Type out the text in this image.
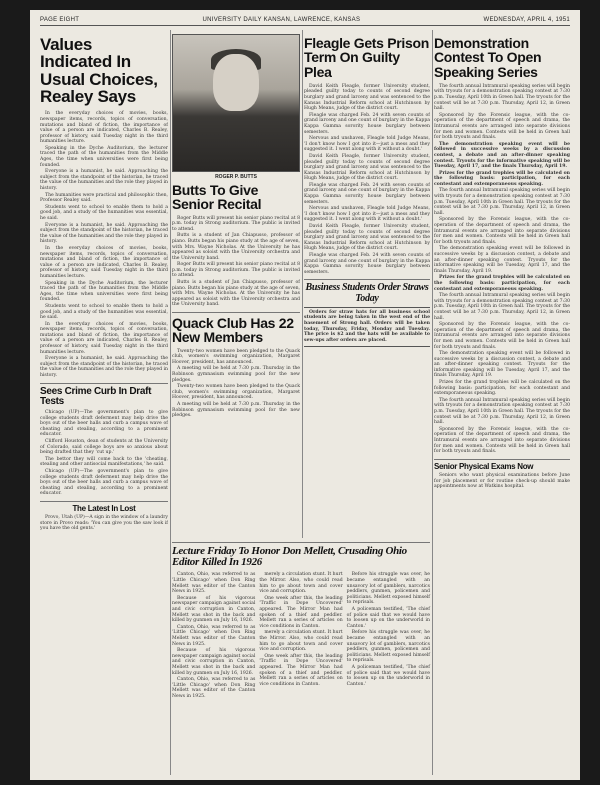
PAGE EIGHT	UNIVERSITY DAILY KANSAN, LAWRENCE, KANSAS	WEDNESDAY, APRIL 4, 1951
Values Indicated In Usual Choices, Realey Says

In the everyday choices of movies, books, newspaper items, records, topics of conversation, mutations and bland of fiction, the importance of value of a person are indicated, Charles B. Realey, professor of history, said Tuesday night in the third humanities lecture.

Speaking in the Dyche Auditorium, the lecturer traced the path of the humanities from the Middle Ages, the time when universities were first being founded.

Everyone is a humanist, he said. Approaching the subject from the standpoint of the historian, he traced the value of the humanities and the role they played in history.

The humanities were practical and philosophic then, Professor Realey said.

Students went to school to enable them to hold a good job, and a study of the humanities was essential, he said.

Everyone is a humanist, he said. Approaching the subject from the standpoint of the historian, he traced the value of the humanities and the role they played in history.

In the everyday choices of movies, books, newspaper items, records, topics of conversation, mutations and bland of fiction, the importance of value of a person are indicated, Charles B. Realey, professor of history, said Tuesday night in the third humanities lecture.

Speaking in the Dyche Auditorium, the lecturer traced the path of the humanities from the Middle Ages, the time when universities were first being founded.

Students went to school to enable them to hold a good job, and a study of the humanities was essential, he said.

In the everyday choices of movies, books, newspaper items, records, topics of conversation, mutations and bland of fiction, the importance of value of a person are indicated, Charles B. Realey, professor of history, said Tuesday night in the third humanities lecture.

Everyone is a humanist, he said. Approaching the subject from the standpoint of the historian, he traced the value of the humanities and the role they played in history.

Sees Crime Curb In Draft Tests

Chicago (UP)—The government's plan to give college students draft deferment may help drive the boys out of the beer halls and curb a campus wave of cheating and stealing, according to a prominent educator.

Clifford Houston, dean of students at the University of Colorado, said college boys are so anxious about being drafted that they 'cut up.'

The bettor they will come back to the 'cheating, stealing and other antisocial manifestations,' he said.

Chicago (UP)—The government's plan to give college students draft deferment may help drive the boys out of the beer halls and curb a campus wave of cheating and stealing, according to a prominent educator.

The Latest In Lost

Provo, Utah (UP)—A sign in the window of a laundry store in Provo reads: 'You can give you the saw look if you have the old gents.'

ROGER P. BUTTS
Butts To Give Senior Recital

Roger Butts will present his senior piano recital at 8 p.m. today in Strong auditorium. The public is invited to attend.

Butts is a student of Jan Chiapusso, professor of piano. Butts began his piano study at the age of seven, with Mrs. Wayne Nicholas. At the University he has appeared as soloist with the University orchestra and the University band.

Roger Butts will present his senior piano recital at 8 p.m. today in Strong auditorium. The public is invited to attend.

Butts is a student of Jan Chiapusso, professor of piano. Butts began his piano study at the age of seven, with Mrs. Wayne Nicholas. At the University he has appeared as soloist with the University orchestra and the University band.

Quack Club Has 22 New Members

Twenty-two women have been pledged to the Quack club, women's swimming organization, Margaret Hoover, president, has announced.

A meeting will be held at 7:30 p.m. Thursday in the Robinson gymnasium swimming pool for the new pledges.

Twenty-two women have been pledged to the Quack club, women's swimming organization, Margaret Hoover, president, has announced.

A meeting will be held at 7:30 p.m. Thursday in the Robinson gymnasium swimming pool for the new pledges.

Fleagle Gets Prison Term On Guilty Plea

David Keith Fleagle, former University student, pleaded guilty today to counts of second degree burglary and grand larceny and was sentenced to the Kansas Industrial Reform school at Hutchinson by Hugh Means, judge of the district court.

Fleagle was charged Feb. 24 with seven counts of grand larceny and one count of burglary in the Kappa Kappa Gamma sorority house burglary between semesters.

Nervous and unshaven, Fleagle told Judge Means, 'I don't know how I got into it—just a mess and they suggested it. I went along with it without a doubt.'

David Keith Fleagle, former University student, pleaded guilty today to counts of second degree burglary and grand larceny and was sentenced to the Kansas Industrial Reform school at Hutchinson by Hugh Means, judge of the district court.

Fleagle was charged Feb. 24 with seven counts of grand larceny and one count of burglary in the Kappa Kappa Gamma sorority house burglary between semesters.

Nervous and unshaven, Fleagle told Judge Means, 'I don't know how I got into it—just a mess and they suggested it. I went along with it without a doubt.'

David Keith Fleagle, former University student, pleaded guilty today to counts of second degree burglary and grand larceny and was sentenced to the Kansas Industrial Reform school at Hutchinson by Hugh Means, judge of the district court.

Fleagle was charged Feb. 24 with seven counts of grand larceny and one count of burglary in the Kappa Kappa Gamma sorority house burglary between semesters.

Business Students Order Straws Today

Orders for straw hats for all business school students are being taken in the west end of the basement of Strong hall. Orders will be taken today, Thursday, Friday, Monday and Tuesday. The price is $2 and the hats will be available to sew-ups after orders are placed.

Demonstration Contest To Open Speaking Series

The fourth annual Intramural speaking series will begin with tryouts for a demonstration speaking contest at 7:30 p.m. Tuesday, April 10th in Green hall. The tryouts for the contest will be at 7:30 p.m. Thursday, April 12, in Green hall.

Sponsored by the Forensic league, with the co-operation of the department of speech and drama, the Intramural events are arranged into separate divisions for men and women. Contests will be held in Green hall for both tryouts and finals.

The demonstration speaking event will be followed in successive weeks by a discussion contest, a debate and an after-dinner speaking contest. Tryouts for the informative speaking will be Tuesday, April 17, and the finals Thursday, April 19.

Prizes for the grand trophies will be calculated on the following basis: participation, for each contestant and extemporaneous speaking.

The fourth annual Intramural speaking series will begin with tryouts for a demonstration speaking contest at 7:30 p.m. Tuesday, April 10th in Green hall. The tryouts for the contest will be at 7:30 p.m. Thursday, April 12, in Green hall.

Sponsored by the Forensic league, with the co-operation of the department of speech and drama, the Intramural events are arranged into separate divisions for men and women. Contests will be held in Green hall for both tryouts and finals.

The demonstration speaking event will be followed in successive weeks by a discussion contest, a debate and an after-dinner speaking contest. Tryouts for the informative speaking will be Tuesday, April 17, and the finals Thursday, April 19.

Prizes for the grand trophies will be calculated on the following basis: participation, for each contestant and extemporaneous speaking.

The fourth annual Intramural speaking series will begin with tryouts for a demonstration speaking contest at 7:30 p.m. Tuesday, April 10th in Green hall. The tryouts for the contest will be at 7:30 p.m. Thursday, April 12, in Green hall.

Sponsored by the Forensic league, with the co-operation of the department of speech and drama, the Intramural events are arranged into separate divisions for men and women. Contests will be held in Green hall for both tryouts and finals.

The demonstration speaking event will be followed in successive weeks by a discussion contest, a debate and an after-dinner speaking contest. Tryouts for the informative speaking will be Tuesday, April 17, and the finals Thursday, April 19.

Prizes for the grand trophies will be calculated on the following basis: participation, for each contestant and extemporaneous speaking.

The fourth annual Intramural speaking series will begin with tryouts for a demonstration speaking contest at 7:30 p.m. Tuesday, April 10th in Green hall. The tryouts for the contest will be at 7:30 p.m. Thursday, April 12, in Green hall.

Sponsored by the Forensic league, with the co-operation of the department of speech and drama, the Intramural events are arranged into separate divisions for men and women. Contests will be held in Green hall for both tryouts and finals.

Senior Physical Exams Now

Seniors who want physical examinations before June for job placement or for routine check-up should make appointments now at Watkins hospital.

Lecture Friday To Honor Don Mellett, Crusading Ohio Editor Killed In 1926

Canton, Ohio, was referred to as 'Little Chicago' when Don Ring Mellett was editor of the Canton News in 1925.

Because of his vigorous newspaper campaign against social and civic corruption in Canton, Mellett was shot in the back and killed by gunmen on July 16, 1926.

Canton, Ohio, was referred to as 'Little Chicago' when Don Ring Mellett was editor of the Canton News in 1925.

Because of his vigorous newspaper campaign against social and civic corruption in Canton, Mellett was shot in the back and killed by gunmen on July 16, 1926.

Canton, Ohio, was referred to as 'Little Chicago' when Don Ring Mellett was editor of the Canton News in 1925.

merely a circulation stunt. It hurt the Mirror. Also, who could read him to go about town and cover vice and corruption.

One week after this, the leading 'Traffic in Dope Uncovered' appeared. The Mirror Man had spoken of a thief and peddler. Mellett ran a series of articles on vice conditions in Canton.

merely a circulation stunt. It hurt the Mirror. Also, who could read him to go about town and cover vice and corruption.

One week after this, the leading 'Traffic in Dope Uncovered' appeared. The Mirror Man had spoken of a thief and peddler. Mellett ran a series of articles on vice conditions in Canton.

Before his struggle was over, he became entangled with an unsavory lot of gamblers, narcotics peddlers, gunmen, policemen and politicians. Mellett exposed himself to reprisals.

A policeman testified, 'The chief of police said that we would have to loosen up on the underworld in Canton.'

Before his struggle was over, he became entangled with an unsavory lot of gamblers, narcotics peddlers, gunmen, policemen and politicians. Mellett exposed himself to reprisals.

A policeman testified, 'The chief of police said that we would have to loosen up on the underworld in Canton.'
